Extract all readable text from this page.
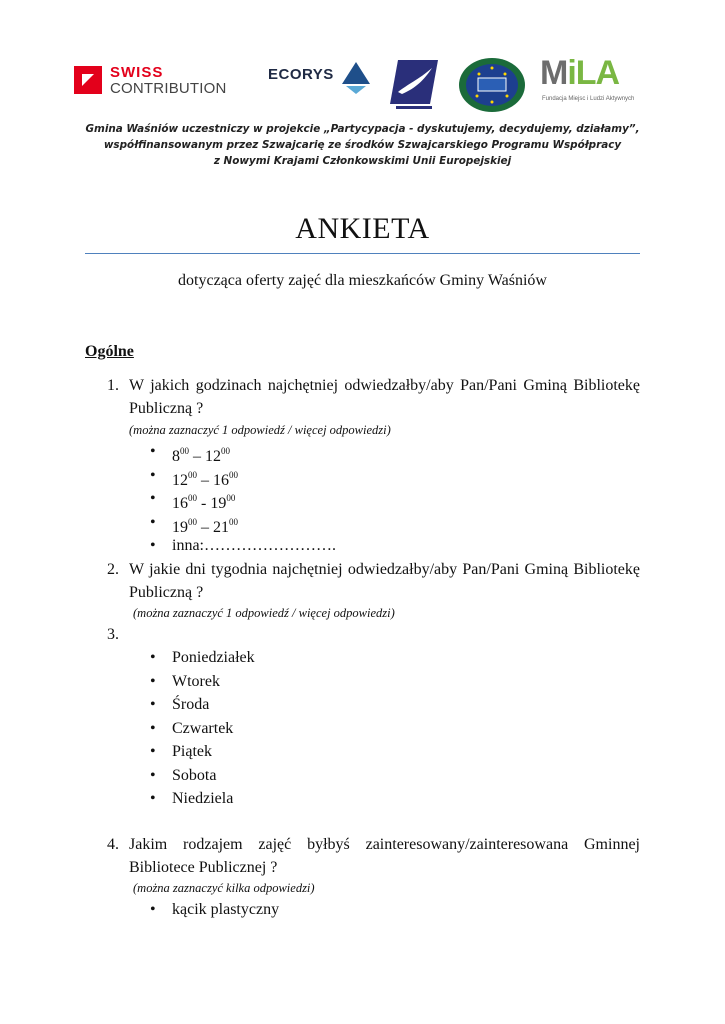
SWISS
CONTRIBUTION
ECORYS	MiLA
Fundacja Miejsc i Ludzi Aktywnych
Gmina Waśniów uczestniczy w projekcie „Partycypacja - dyskutujemy, decydujemy, działamy”,
współfinansowanym przez Szwajcarię ze środków Szwajcarskiego Programu Współpracy
z Nowymi Krajami Członkowskimi Unii Europejskiej
ANKIETA
dotycząca oferty zajęć dla mieszkańców Gminy Waśniów
Ogólne
1. W jakich godzinach najchętniej odwiedzałby/aby Pan/Pani Gminą Bibliotekę Publiczną ?
(można zaznaczyć 1 odpowiedź / więcej odpowiedzi)
• $8^{00} - 12^{00}$
• $12^{00} - 16^{00}$
• $16^{00} - 19^{00}$
• $19^{00} - 21^{00}$
• inna:…………………….
2. W jakie dni tygodnia najchętniej odwiedzałby/aby Pan/Pani Gminą Bibliotekę Publiczną ?
(można zaznaczyć 1 odpowiedź / więcej odpowiedzi)
3.
• Poniedziałek
• Wtorek
• Środa
• Czwartek
• Piątek
• Sobota
• Niedziela
4. Jakim rodzajem zajęć byłbyś zainteresowany/zainteresowana Gminnej Bibliotece Publicznej ?
(można zaznaczyć kilka odpowiedzi)
• kącik plastyczny
